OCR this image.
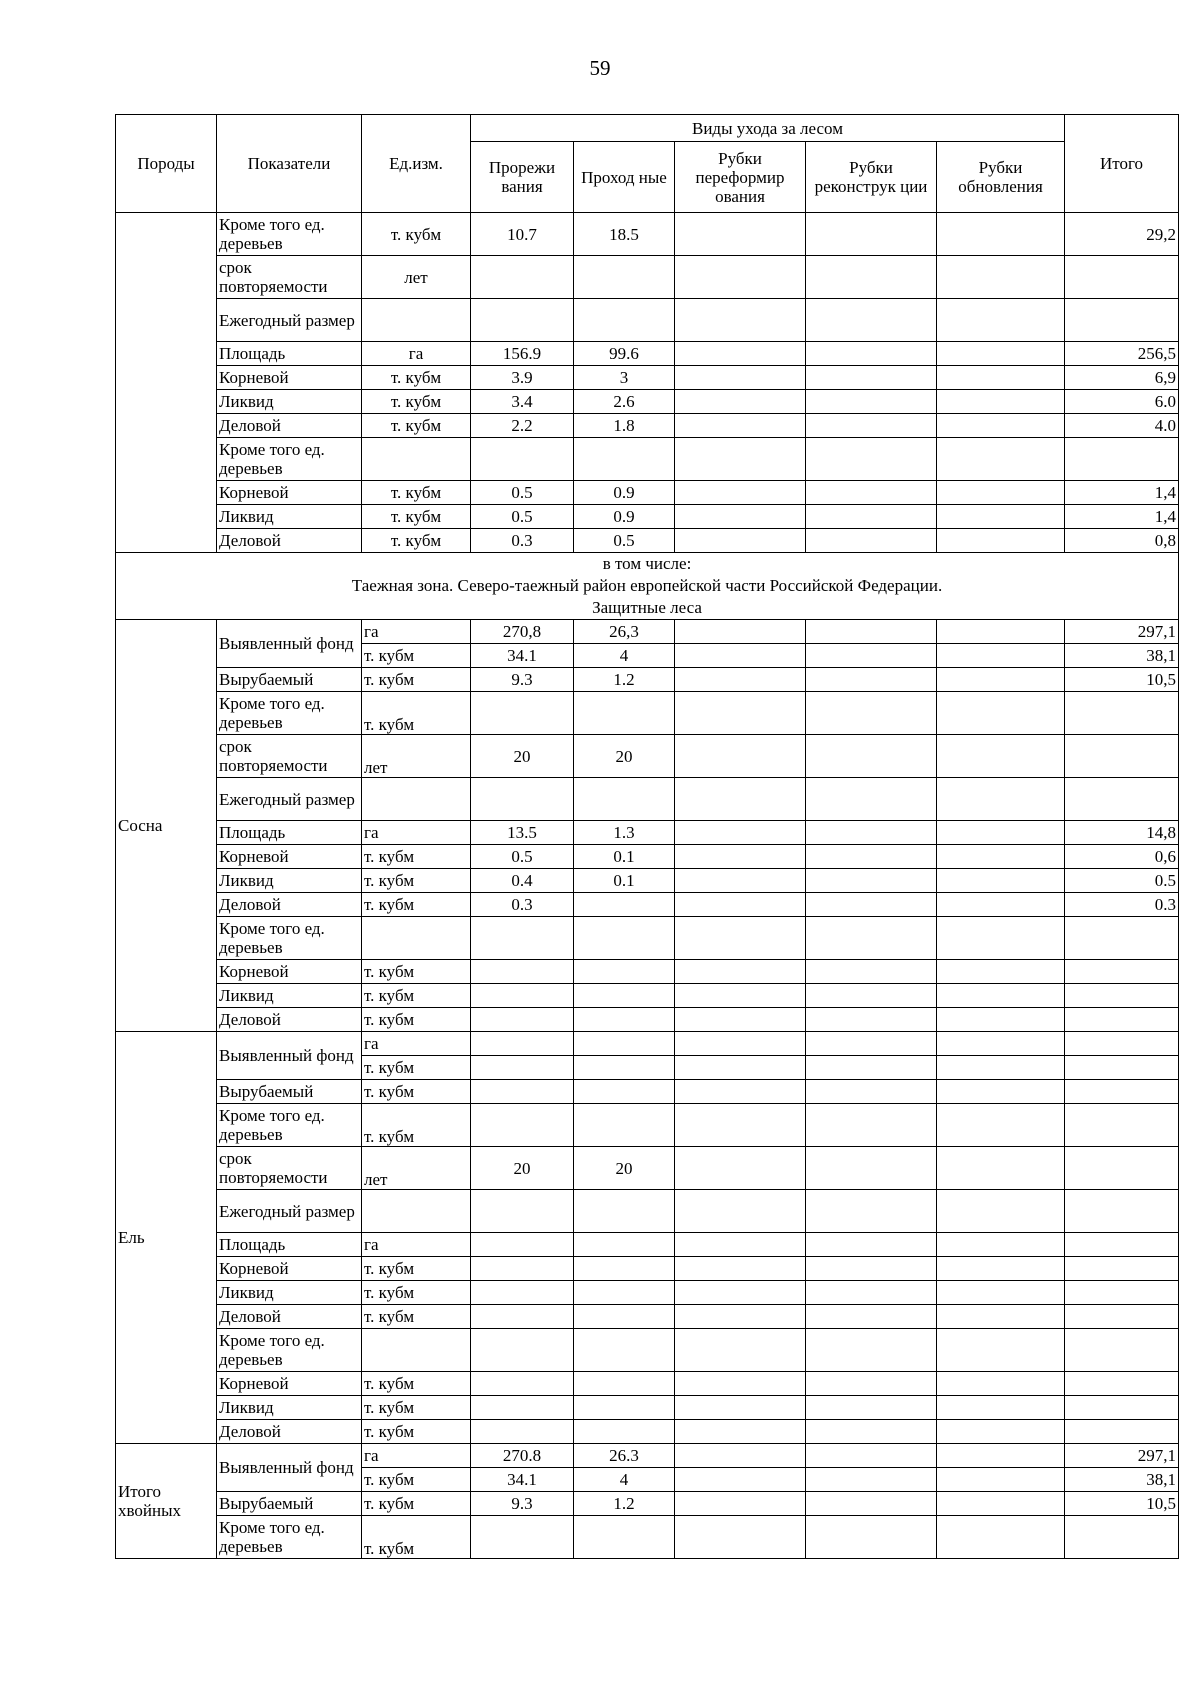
59
Породы	Показатели	Ед.изм.	Виды ухода за лесом					Итого
			Прорежи вания	Проход ные	Рубки переформир ования	Рубки реконструк ции	Рубки обновления	
	Кроме того ед. деревьев	т. кубм	10.7	18.5				29,2
	срок повторяемости	лет						
	Ежегодный размер							
	Площадь	га	156.9	99.6				256,5
	Корневой	т. кубм	3.9	3				6,9
	Ликвид	т. кубм	3.4	2.6				6.0
	Деловой	т. кубм	2.2	1.8				4.0
	Кроме того ед. деревьев							
	Корневой	т. кубм	0.5	0.9				1,4
	Ликвид	т. кубм	0.5	0.9				1,4
	Деловой	т. кубм	0.3	0.5				0,8

в том числе:
Таежная зона. Северо-таежный район европейской части Российской Федерации.
Защитные леса								

Сосна	Выявленный фонд	га	270,8	26,3				297,1
		т. кубм	34.1	4				38,1
	Вырубаемый	т. кубм	9.3	1.2				10,5
	Кроме того ед. деревьев	т. кубм						
	срок повторяемости	лет	20	20				
	Ежегодный размер							
	Площадь	га	13.5	1.3				14,8
	Корневой	т. кубм	0.5	0.1				0,6
	Ликвид	т. кубм	0.4	0.1				0.5
	Деловой	т. кубм	0.3					0.3
	Кроме того ед. деревьев							
	Корневой	т. кубм						
	Ликвид	т. кубм						
	Деловой	т. кубм						
Ель	Выявленный фонд	га						
		т. кубм						
	Вырубаемый	т. кубм						
	Кроме того ед. деревьев	т. кубм						
	срок повторяемости	лет	20	20				
	Ежегодный размер							
	Площадь	га						
	Корневой	т. кубм						
	Ликвид	т. кубм						
	Деловой	т. кубм						
	Кроме того ед. деревьев							
	Корневой	т. кубм						
	Ликвид	т. кубм						
	Деловой	т. кубм						
Итого хвойных	Выявленный фонд	га	270.8	26.3				297,1
		т. кубм	34.1	4				38,1
	Вырубаемый	т. кубм	9.3	1.2				10,5
	Кроме того ед. деревьев	т. кубм						
